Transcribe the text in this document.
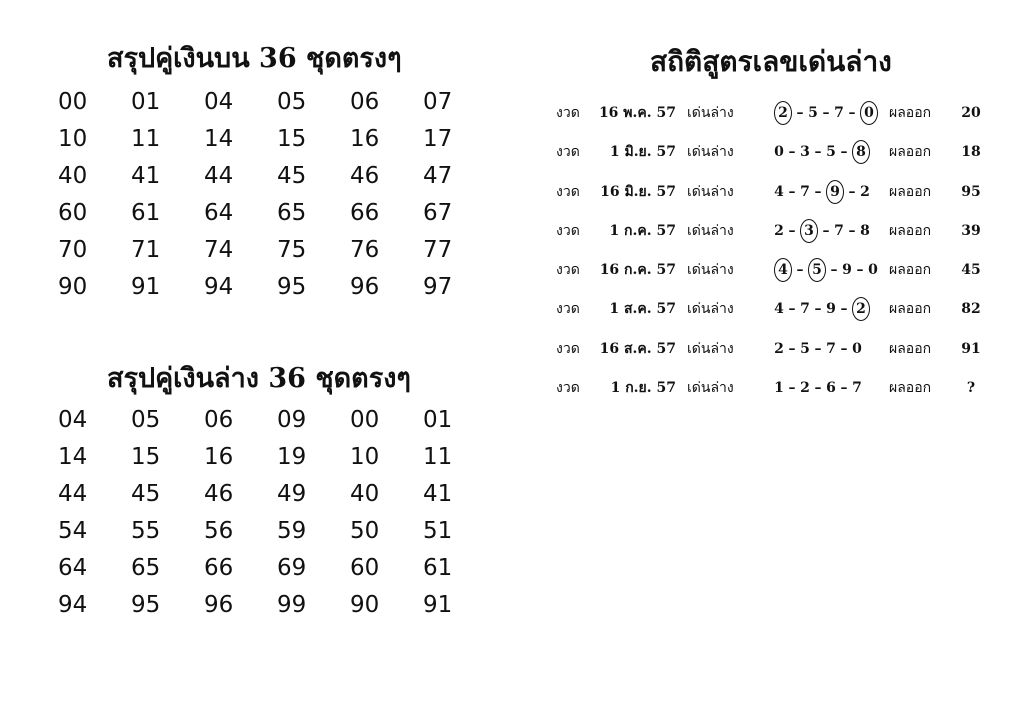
สรุปคู่เงินบน 36 ชุดตรงๆ
00	01	04	05	06	07
10	11	14	15	16	17
40	41	44	45	46	47
60	61	64	65	66	67
70	71	74	75	76	77
90	91	94	95	96	97
สรุปคู่เงินล่าง 36 ชุดตรงๆ
04	05	06	09	00	01
14	15	16	19	10	11
44	45	46	49	40	41
54	55	56	59	50	51
64	65	66	69	60	61
94	95	96	99	90	91
สถิติสูตรเลขเด่นล่าง
งวด 16 พ.ค. 57 เด่นล่าง	2 – 5 – 7 – 0	ผลออก	20
งวด	1 มิ.ย. 57 เด่นล่าง	0 – 3 – 5 – 8	ผลออก	18
งวด 16 มิ.ย. 57 เด่นล่าง	4 – 7 – 9 – 2 ผลออก	95
งวด	1 ก.ค. 57 เด่นล่าง	2 – 3 – 7 – 8 ผลออก	39
งวด 16 ก.ค. 57 เด่นล่าง	4 – 5 – 9 – 0 ผลออก	45
งวด	1 ส.ค. 57 เด่นล่าง	4 – 7 – 9 – 2	ผลออก	82
งวด 16 ส.ค. 57 เด่นล่าง	2 – 5 – 7 – 0 ผลออก	91
งวด	1 ก.ย. 57 เด่นล่าง	1 – 2 – 6 – 7 ผลออก	?
